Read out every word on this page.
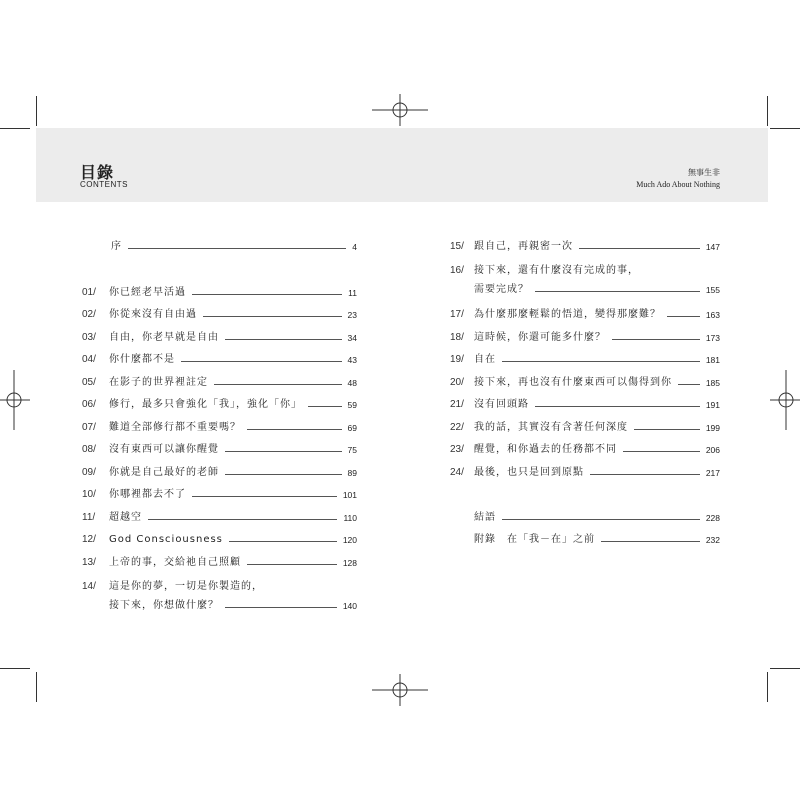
目錄
CONTENTS
無事生非
Much Ado About Nothing
序	4
01/	你已經老早活過	11
02/	你從來沒有自由過	23
03/	自由，你老早就是自由	34
04/	你什麼都不是	43
05/	在影子的世界裡註定	48
06/	修行，最多只會強化「我」，強化「你」	59
07/	難道全部修行都不重要嗎？	69
08/	沒有東西可以讓你醒覺	75
09/	你就是自己最好的老師	89
10/	你哪裡都去不了	101
11/	超越空	110
12/	God Consciousness	120
13/	上帝的事，交給祂自己照顧	128
14/	這是你的夢，一切是你製造的，
接下來，你想做什麼？	140
15/	跟自己，再親密一次	147
16/	接下來，還有什麼沒有完成的事，
需要完成？	155
17/	為什麼那麼輕鬆的悟道，變得那麼難？	163
18/	這時候，你還可能多什麼？	173
19/	自在	181
20/	接下來，再也沒有什麼東西可以傷得到你	185
21/	沒有回頭路	191
22/	我的話，其實沒有含著任何深度	199
23/	醒覺，和你過去的任務都不同	206
24/	最後，也只是回到原點	217
結語	228
附錄　在「我－在」之前	232
